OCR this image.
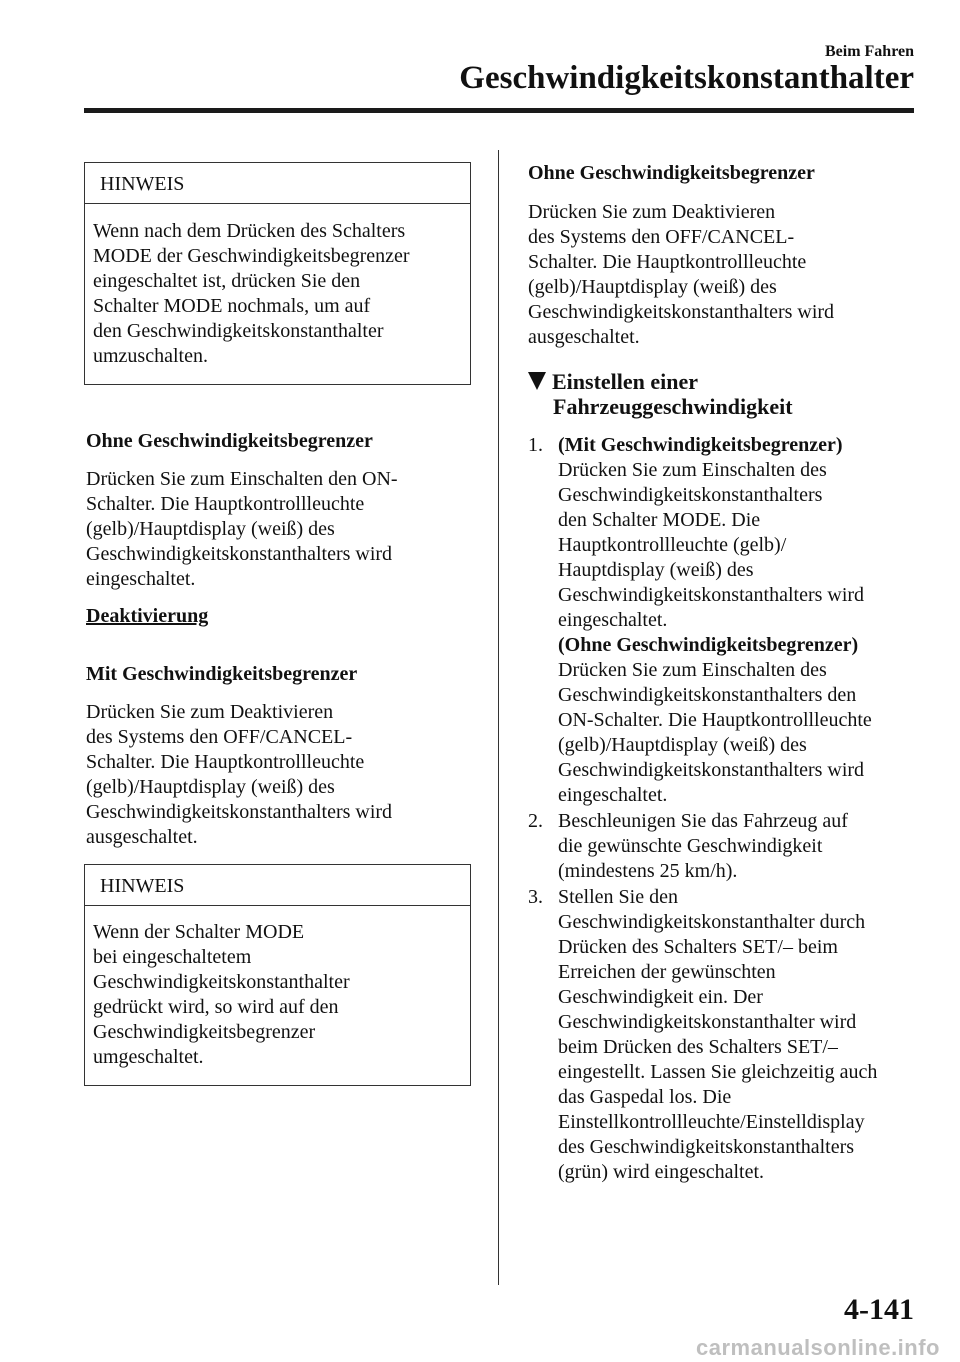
Beim Fahren
Geschwindigkeitskonstanthalter
HINWEIS
Wenn nach dem Drücken des Schalters
MODE der Geschwindigkeitsbegrenzer
eingeschaltet ist, drücken Sie den
Schalter MODE nochmals, um auf
den Geschwindigkeitskonstanthalter
umzuschalten.
Ohne Geschwindigkeitsbegrenzer
Drücken Sie zum Einschalten den ON-
Schalter. Die Hauptkontrollleuchte
(gelb)/Hauptdisplay (weiß) des
Geschwindigkeitskonstanthalters wird
eingeschaltet.
Deaktivierung
Mit Geschwindigkeitsbegrenzer
Drücken Sie zum Deaktivieren
des Systems den OFF/CANCEL-
Schalter. Die Hauptkontrollleuchte
(gelb)/Hauptdisplay (weiß) des
Geschwindigkeitskonstanthalters wird
ausgeschaltet.
HINWEIS
Wenn der Schalter MODE
bei eingeschaltetem
Geschwindigkeitskonstanthalter
gedrückt wird, so wird auf den
Geschwindigkeitsbegrenzer
umgeschaltet.
Ohne Geschwindigkeitsbegrenzer
Drücken Sie zum Deaktivieren
des Systems den OFF/CANCEL-
Schalter. Die Hauptkontrollleuchte
(gelb)/Hauptdisplay (weiß) des
Geschwindigkeitskonstanthalters wird
ausgeschaltet.
Einstellen einer
Fahrzeuggeschwindigkeit
1. (Mit Geschwindigkeitsbegrenzer)
Drücken Sie zum Einschalten des
Geschwindigkeitskonstanthalters
den Schalter MODE. Die
Hauptkontrollleuchte (gelb)/
Hauptdisplay (weiß) des
Geschwindigkeitskonstanthalters wird
eingeschaltet.
(Ohne Geschwindigkeitsbegrenzer)
Drücken Sie zum Einschalten des
Geschwindigkeitskonstanthalters den
ON-Schalter. Die Hauptkontrollleuchte
(gelb)/Hauptdisplay (weiß) des
Geschwindigkeitskonstanthalters wird
eingeschaltet.
2. Beschleunigen Sie das Fahrzeug auf
die gewünschte Geschwindigkeit
(mindestens 25 km/h).
3. Stellen Sie den
Geschwindigkeitskonstanthalter durch
Drücken des Schalters SET/‒ beim
Erreichen der gewünschten
Geschwindigkeit ein. Der
Geschwindigkeitskonstanthalter wird
beim Drücken des Schalters SET/‒
eingestellt. Lassen Sie gleichzeitig auch
das Gaspedal los. Die
Einstellkontrollleuchte/Einstelldisplay
des Geschwindigkeitskonstanthalters
(grün) wird eingeschaltet.
4-141
carmanualsonline.info
